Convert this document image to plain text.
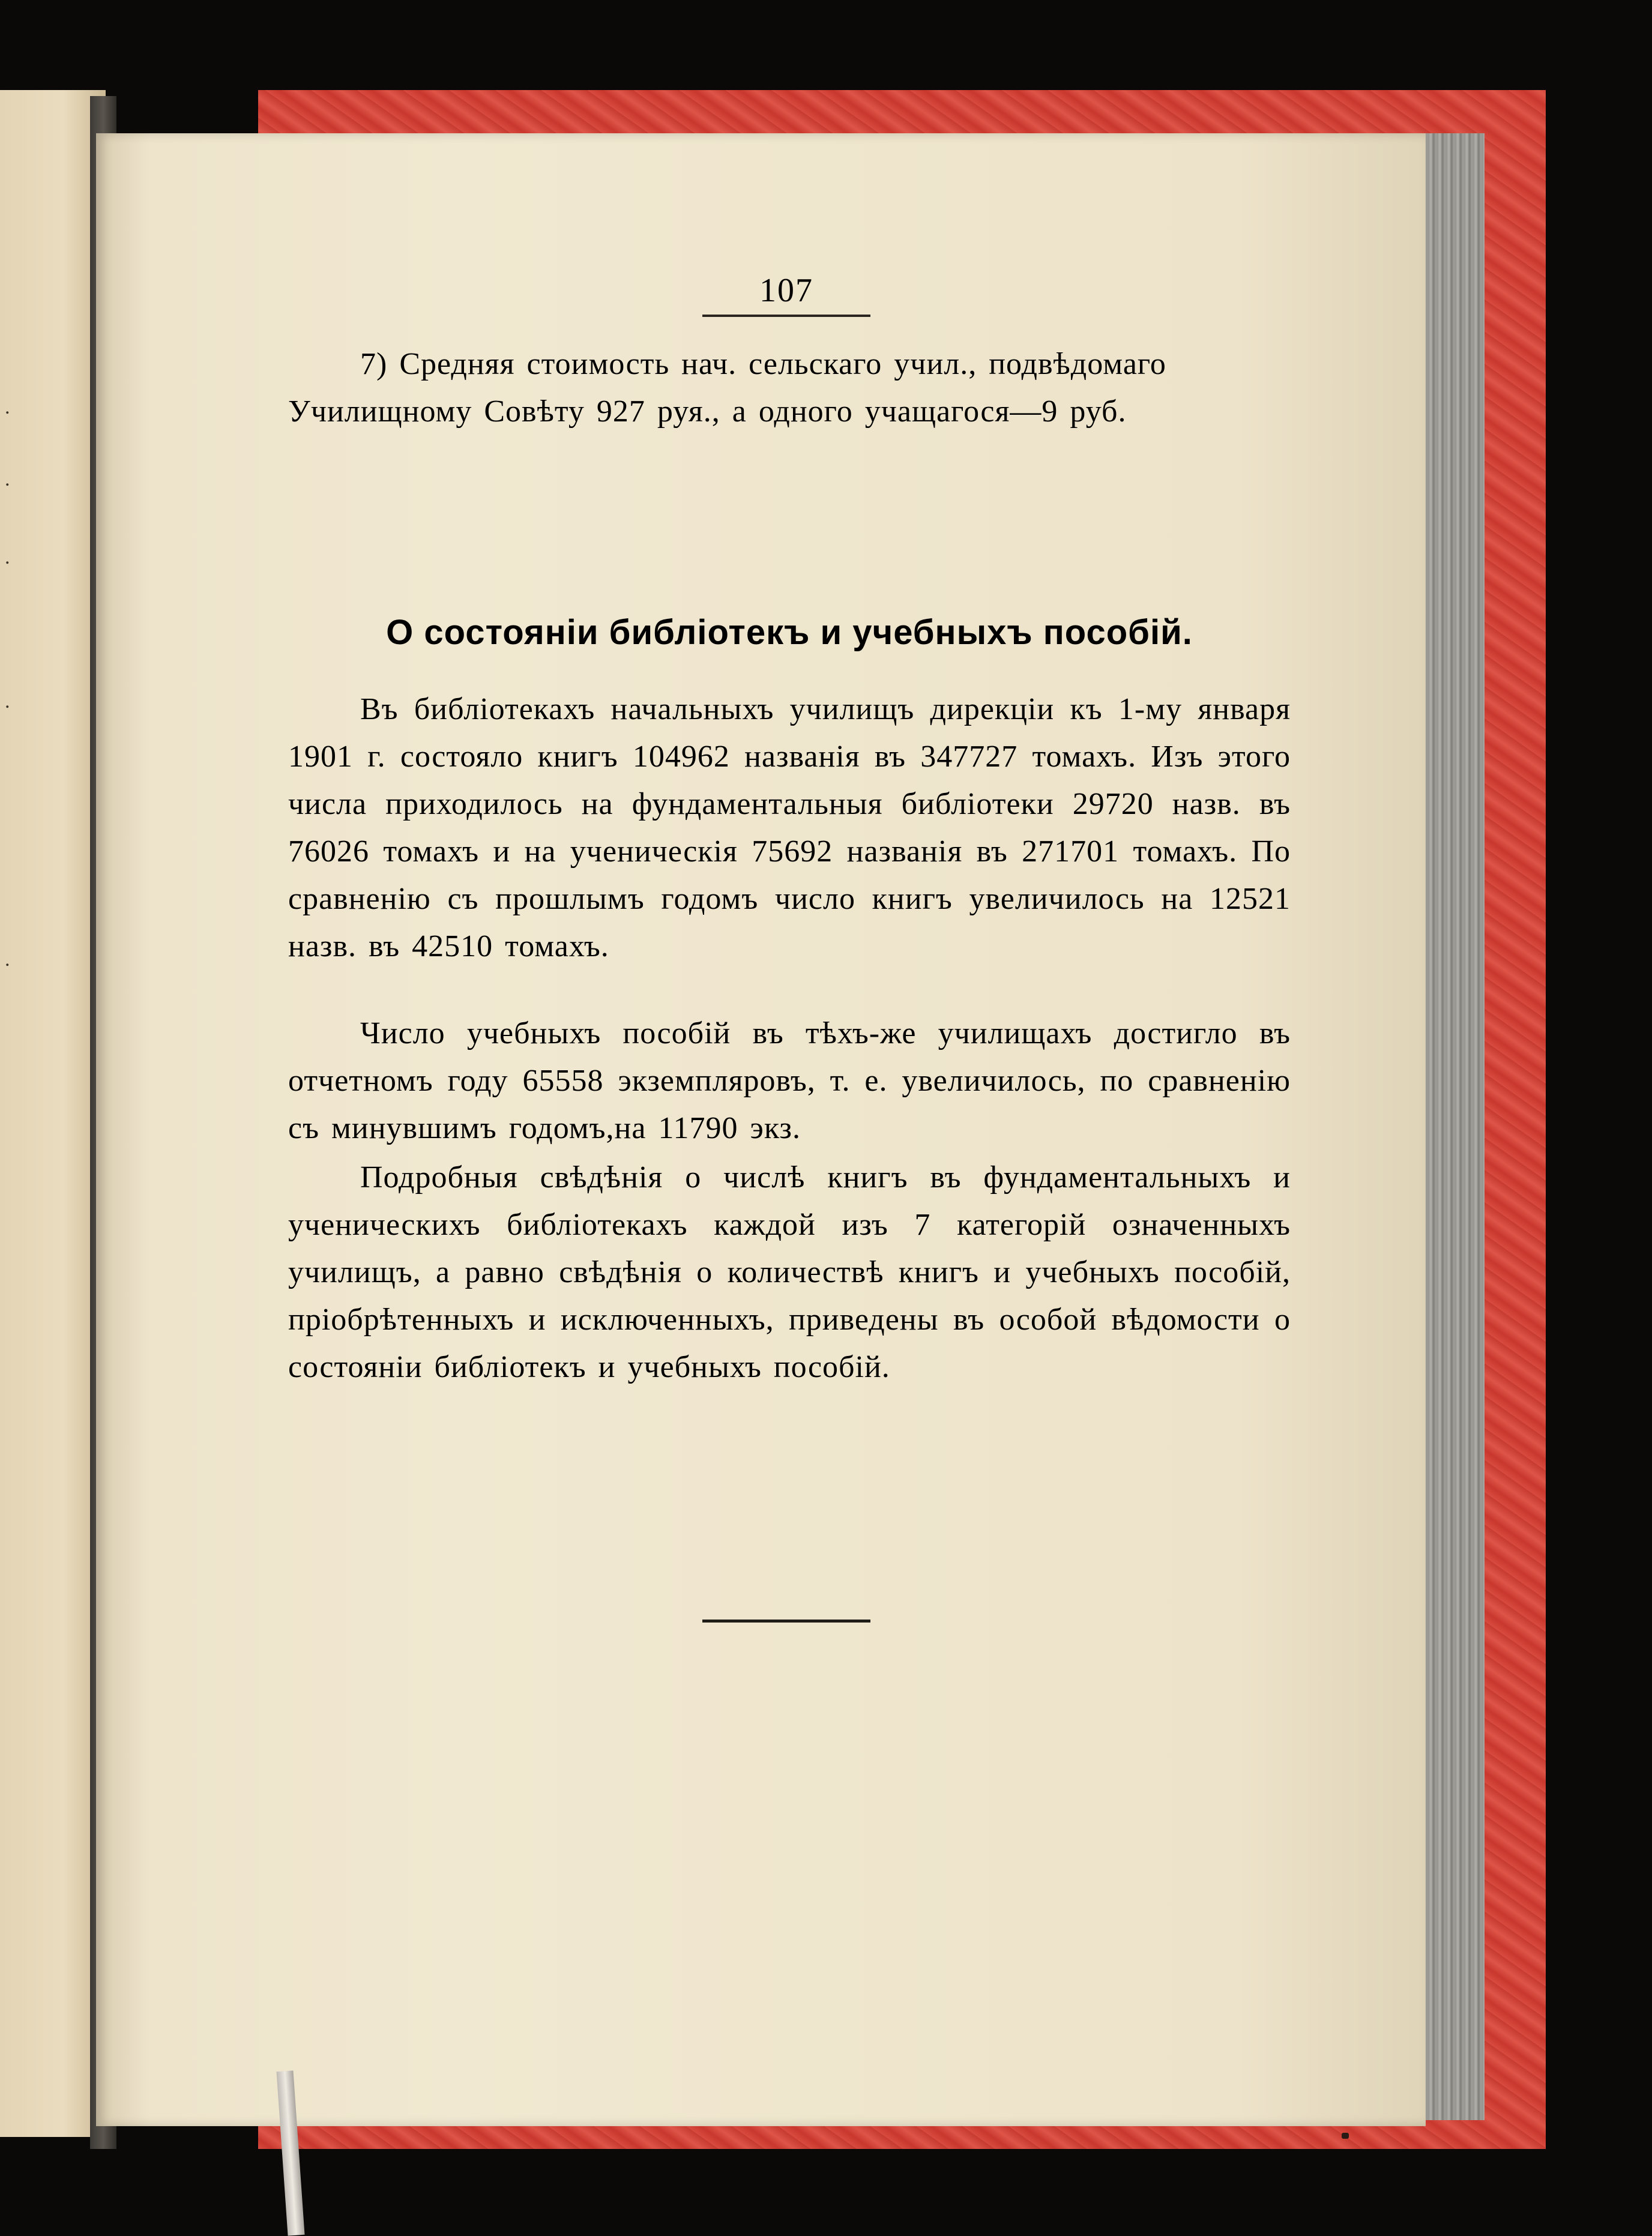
.
.
.
.
.
107
7) Средняя стоимость нач. сельскаго учил., подвѣдомаго
Училищному Совѣту 927 руя., а одного учащагося—9 руб.
О состояніи библіотекъ и учебныхъ пособій.
Въ библіотекахъ начальныхъ училищъ дирекціи къ 1-му января 1901 г. состояло книгъ 104962 названія въ 347727 томахъ. Изъ этого числа приходилось на фундаментальныя библіотеки 29720 назв. въ 76026 томахъ и на ученическія 75692 названія въ 271701 томахъ. По сравненію съ прошлымъ годомъ число книгъ увеличилось на 12521 назв. въ 42510 томахъ.
Число учебныхъ пособій въ тѣхъ-же училищахъ достигло въ отчетномъ году 65558 экземпляровъ, т. е. увеличилось, по сравненію съ минувшимъ годомъ,на 11790 экз.
Подробныя свѣдѣнія о числѣ книгъ въ фундаментальныхъ и ученическихъ библіотекахъ каждой изъ 7 категорій означенныхъ училищъ, а равно свѣдѣнія о количествѣ книгъ и учебныхъ пособій, пріобрѣтенныхъ и исключенныхъ, приведены въ особой вѣдомости о состояніи библіотекъ и учебныхъ пособій.
